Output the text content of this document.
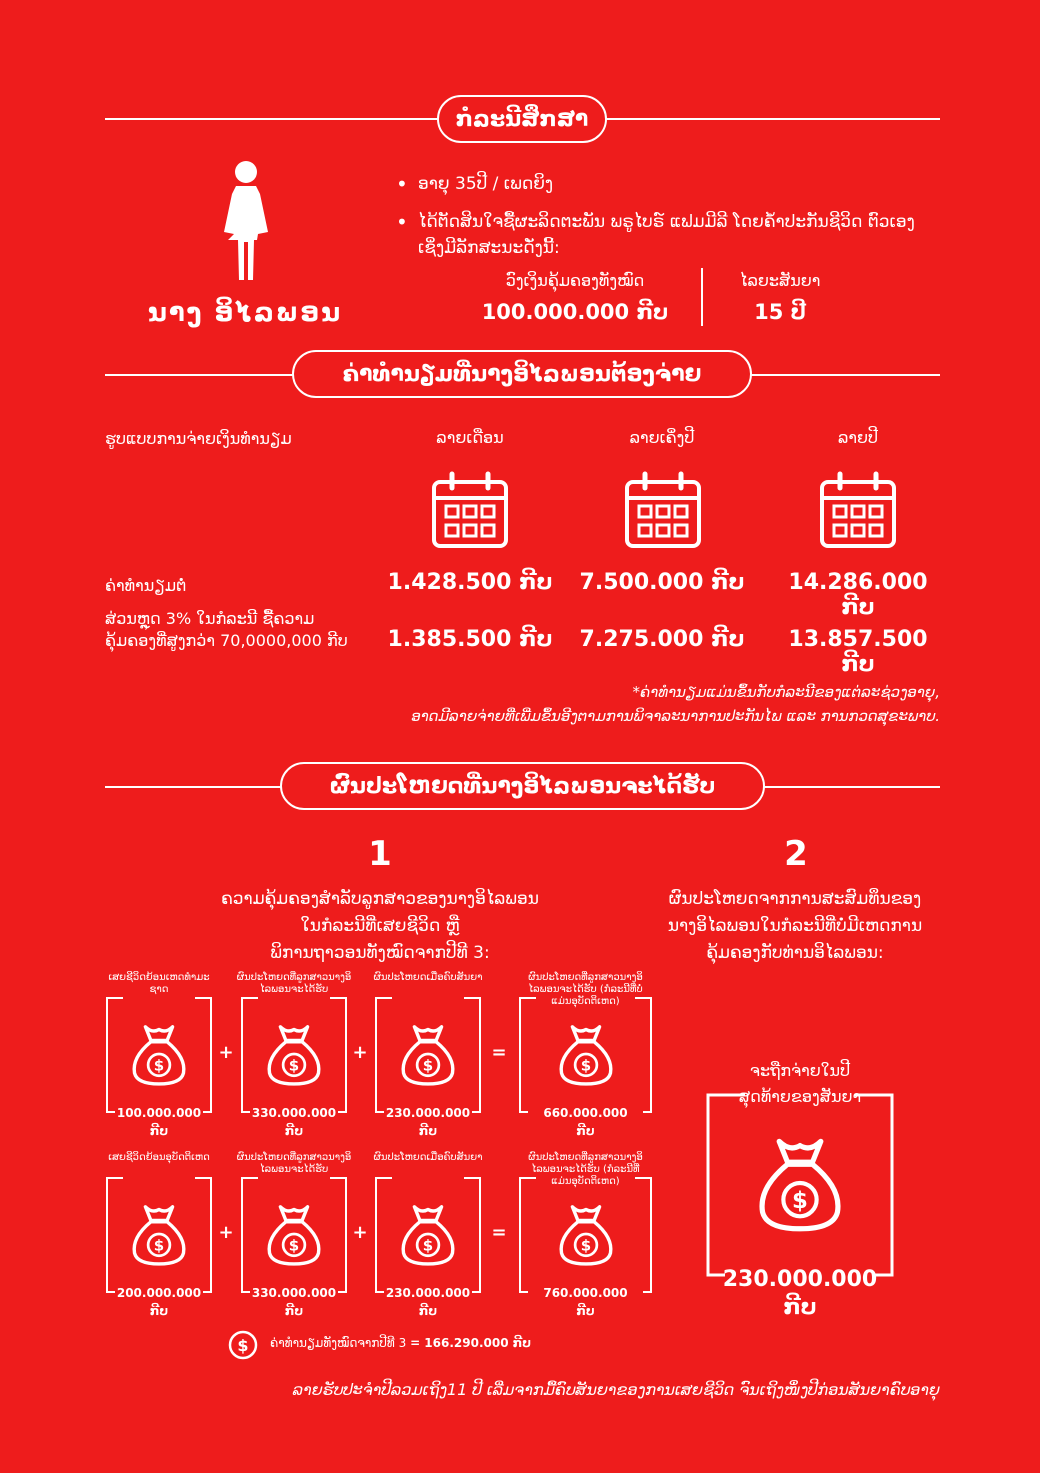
ກໍລະນີສຶກສາ
ນາງ ອິໄລພອນ
• ອາຍຸ 35ປີ / ເພດຍິງ
• ໄດ້ຕັດສິນໃຈຊື້ຜະລິດຕະພັນ ພຣູໄບຣ໌ ແຟມມີລີ ໂດຍຄໍ້າປະກັນຊີວິດ ຕົວເອງ
ເຊິ່ງມີລັກສະນະດັ່ງນີ້:
ວົງເງິນຄຸ້ມຄອງທັງໝົດ
100.000.000 ກີບ
ໄລຍະສັນຍາ
15 ປີ
ຄ່າທໍານຽມທີ່ນາງອິໄລພອນຕ້ອງຈ່າຍ
ຮູບແບບການຈ່າຍເງິນທໍານຽມ	ລາຍເດືອນ	ລາຍເຄິ່ງປີ	ລາຍປີ
ຄ່າທໍານຽມຕໍ່	1.428.500 ກີບ	7.500.000 ກີບ	14.286.000 ກີບ
ສ່ວນຫຼຸດ 3% ໃນກໍລະນີ ຊື້ຄວາມ
ຄຸ້ມຄອງທີ່ສູງກວ່າ 70,0000,000 ກີບ	1.385.500 ກີບ	7.275.000 ກີບ	13.857.500 ກີບ
*ຄ່າທໍານຽມແມ່ນຂຶ້ນກັບກໍລະນີຂອງແຕ່ລະຊ່ວງອາຍຸ,
ອາດມີລາຍຈ່າຍທີ່ເພີ່ມຂຶ້ນອີງຕາມການພິຈາລະນາການປະກັນໄພ ແລະ ການກວດສຸຂະພາບ.
ຜົນປະໂຫຍດທີ່ນາງອິໄລພອນຈະໄດ້ຮັບ
1	2
ຄວາມຄຸ້ມຄອງສໍາລັບລູກສາວຂອງນາງອິໄລພອນ
ໃນກໍລະນີທີ່ເສຍຊີວິດ ຫຼື
ພິການຖາວອນທັງໝົດຈາກປີທີ 3:
ຜົນປະໂຫຍດຈາກການສະສົມທຶນຂອງ
ນາງອິໄລພອນໃນກໍລະນີທີ່ບໍ່ມີເຫດການ
ຄຸ້ມຄອງກັບທ່ານອິໄລພອນ:
ເສຍຊີວິດຍ້ອນເຫດທໍາມະຊາດ
100.000.000
ກີບ
ຜົນປະໂຫຍດທີ່ລູກສາວນາງອິໄລພອນຈະໄດ້ຮັບ
330.000.000
ກີບ
ຜົນປະໂຫຍດເມື່ອຄົບສັນຍາ
230.000.000
ກີບ
ຜົນປະໂຫຍດທີ່ລູກສາວນາງອິໄລພອນຈະໄດ້ຮັບ (ກໍລະນີທີ່ບໍ່ແມ່ນອຸບັດຕິເຫດ)
660.000.000
ກີບ
+	+	=
ເສຍຊີວິດຍ້ອນອຸບັດຕິເຫດ
200.000.000
ກີບ
ຜົນປະໂຫຍດທີ່ລູກສາວນາງອິໄລພອນຈະໄດ້ຮັບ
330.000.000
ກີບ
ຜົນປະໂຫຍດເມື່ອຄົບສັນຍາ
230.000.000
ກີບ
ຜົນປະໂຫຍດທີ່ລູກສາວນາງອິໄລພອນຈະໄດ້ຮັບ (ກໍລະນີທີ່ແມ່ນອຸບັດຕິເຫດ)
760.000.000
ກີບ
+	+	=
ຈະຖືກຈ່າຍໃນປີ
ສຸດທ້າຍຂອງສັນຍາ
230.000.000
ກີບ
$ ຄ່າທໍານຽມທັງໝົດຈາກປີທີ 3 = 166.290.000 ກີບ
ລາຍຮັບປະຈໍາປີລວມເຖິງ11 ປີ ເລີ່ມຈາກມື້ຄົບສັນຍາຂອງການເສຍຊີວິດ ຈົນເຖິງໜຶ່ງປີກ່ອນສັນຍາຄົບອາຍຸ
